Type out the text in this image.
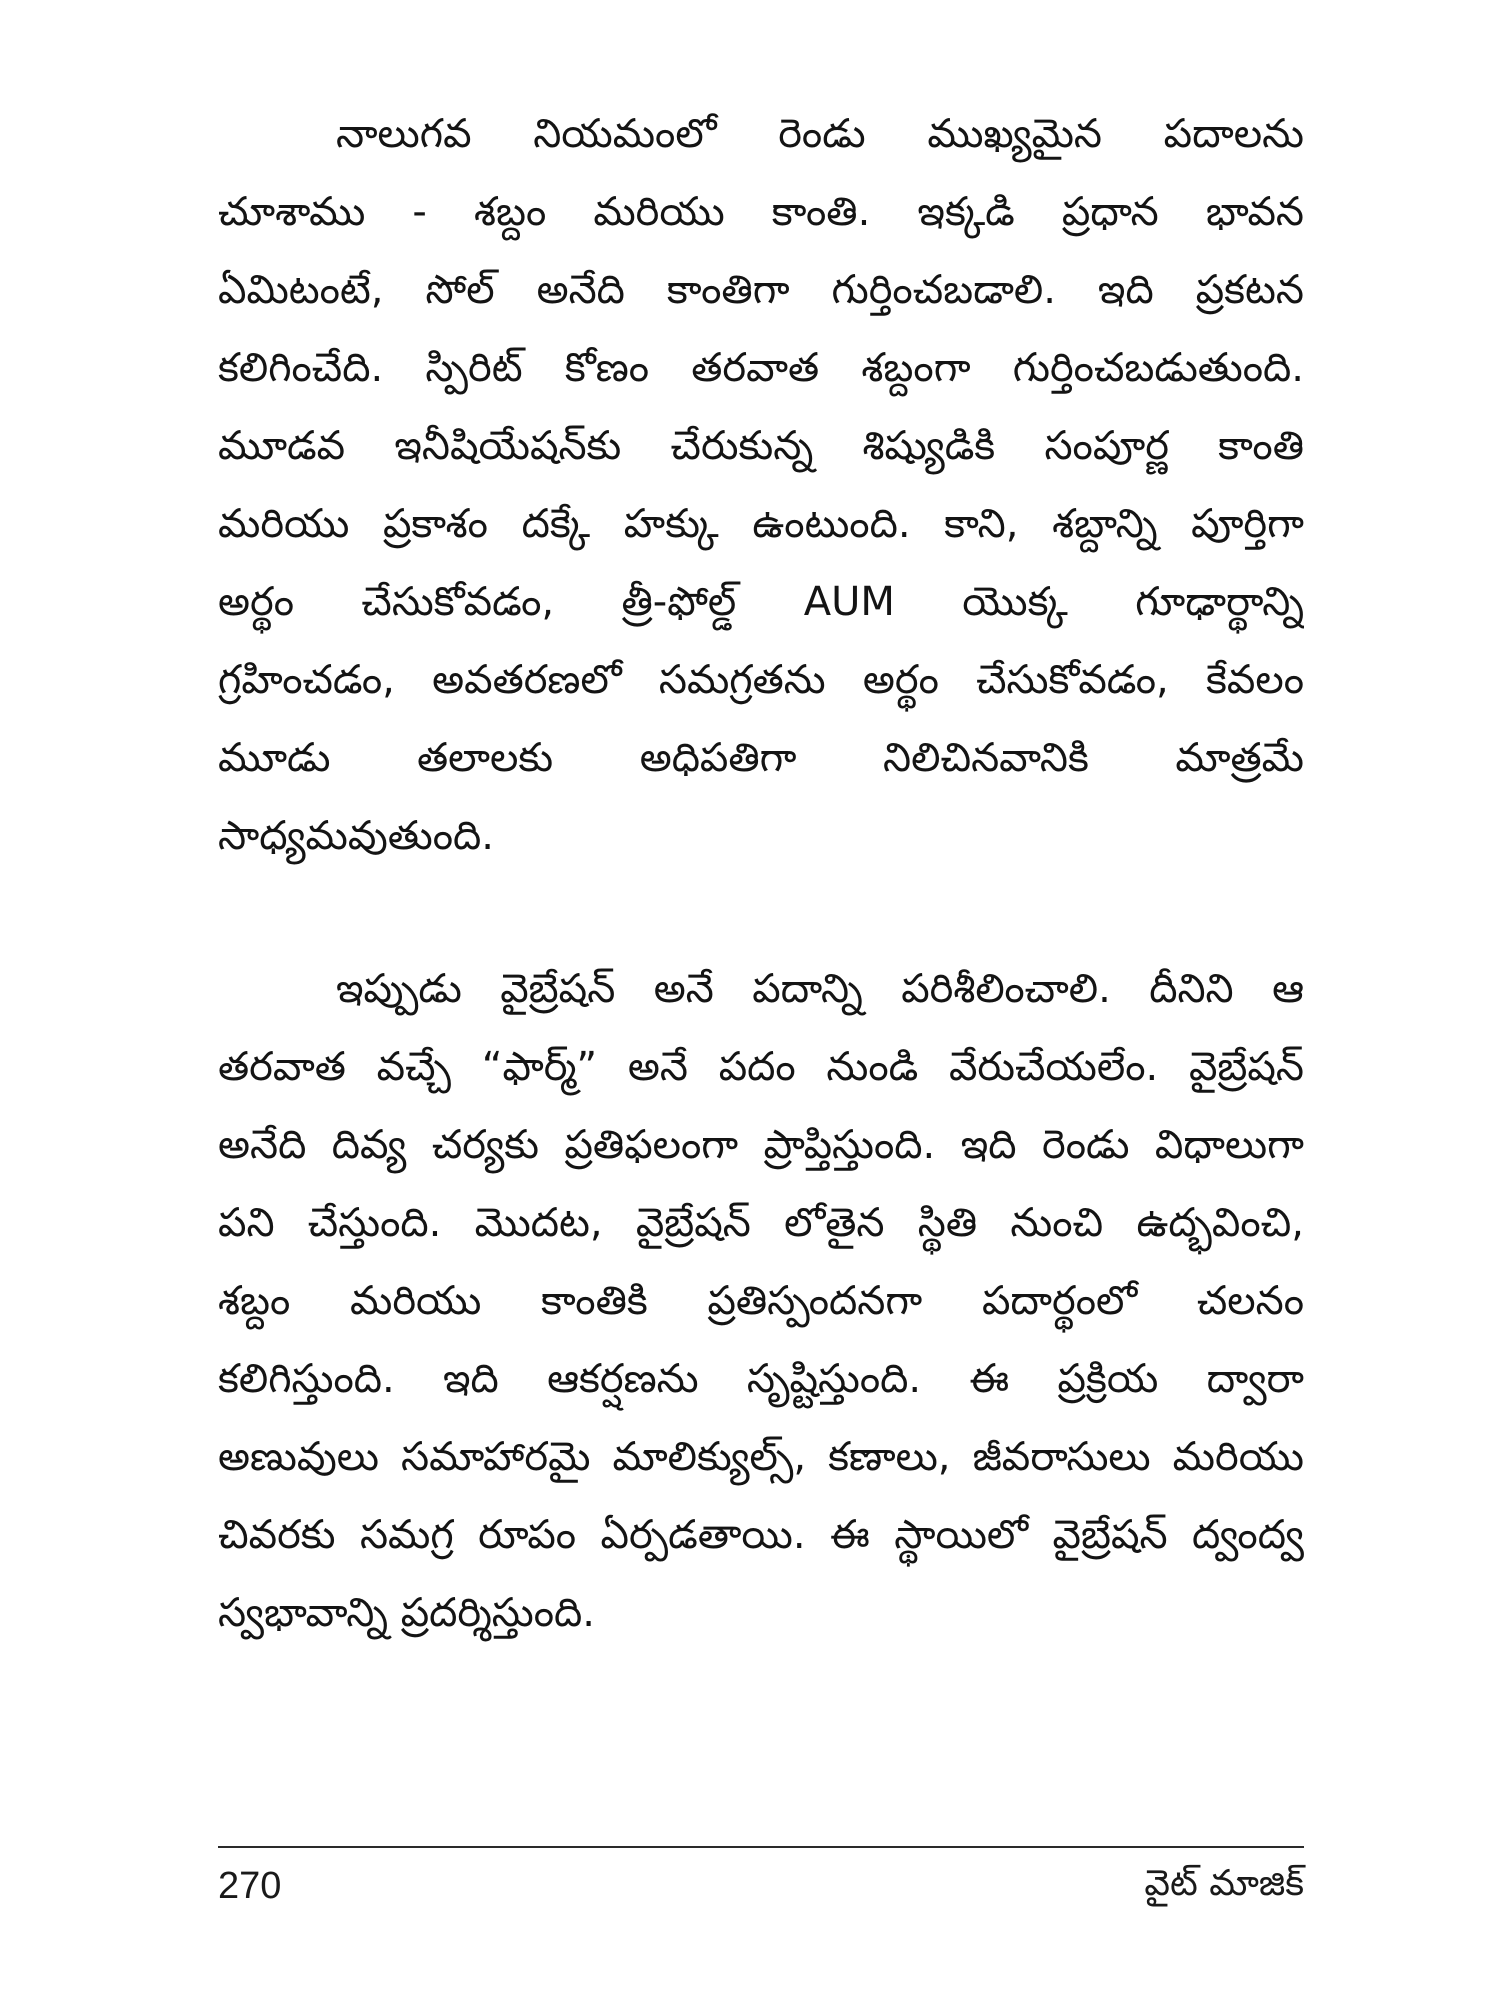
నాలుగవ నియమంలో రెండు ముఖ్యమైన పదాలను
చూశాము - శబ్దం మరియు కాంతి. ఇక్కడి ప్రధాన భావన
ఏమిటంటే, సోల్ అనేది కాంతిగా గుర్తించబడాలి. ఇది ప్రకటన
కలిగించేది. స్పిరిట్ కోణం తరవాత శబ్దంగా గుర్తించబడుతుంది.
మూడవ ఇనీషియేషన్‌కు చేరుకున్న శిష్యుడికి సంపూర్ణ కాంతి
మరియు ప్రకాశం దక్కే హక్కు ఉంటుంది. కాని, శబ్దాన్ని పూర్తిగా
అర్థం చేసుకోవడం, త్రీ-ఫోల్డ్ AUM యొక్క గూఢార్థాన్ని
గ్రహించడం, అవతరణలో సమగ్రతను అర్థం చేసుకోవడం, కేవలం
మూడు తలాలకు అధిపతిగా నిలిచినవానికి మాత్రమే
సాధ్యమవుతుంది.
ఇప్పుడు వైబ్రేషన్ అనే పదాన్ని పరిశీలించాలి. దీనిని ఆ
తరవాత వచ్చే “ఫార్మ్” అనే పదం నుండి వేరుచేయలేం. వైబ్రేషన్
అనేది దివ్య చర్యకు ప్రతిఫలంగా ప్రాప్తిస్తుంది. ఇది రెండు విధాలుగా
పని చేస్తుంది. మొదట, వైబ్రేషన్ లోతైన స్థితి నుంచి ఉద్భవించి,
శబ్దం మరియు కాంతికి ప్రతిస్పందనగా పదార్థంలో చలనం
కలిగిస్తుంది. ఇది ఆకర్షణను సృష్టిస్తుంది. ఈ ప్రక్రియ ద్వారా
అణువులు సమాహారమై మాలిక్యుల్స్, కణాలు, జీవరాసులు మరియు
చివరకు సమగ్ర రూపం ఏర్పడతాయి. ఈ స్థాయిలో వైబ్రేషన్ ద్వంద్వ
స్వభావాన్ని ప్రదర్శిస్తుంది.
270	వైట్ మాజిక్
